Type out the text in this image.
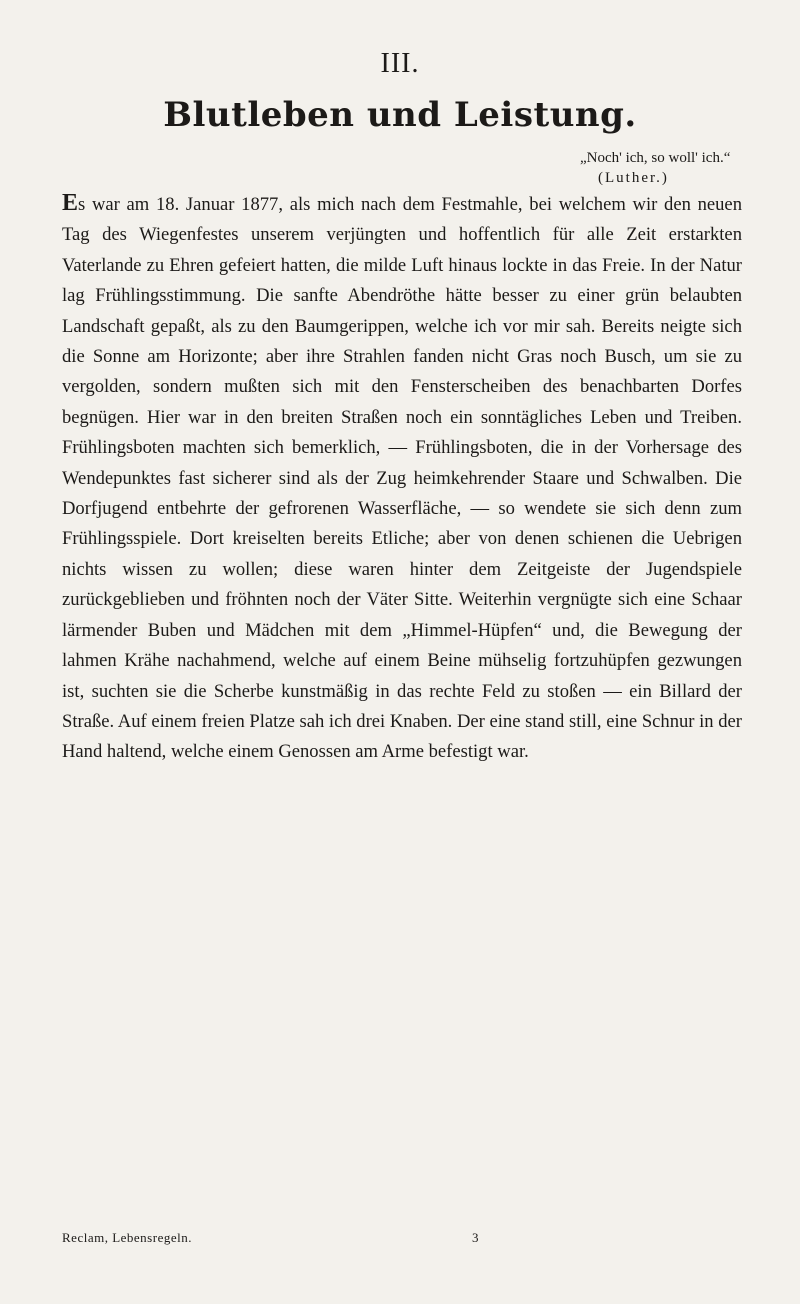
III.
Blutleben und Leistung.
„Noch' ich, so woll' ich.“
(Luther.)

Es war am 18. Januar 1877, als mich nach dem Festmahle, bei welchem wir den neuen Tag des Wiegenfestes unserem verjüngten und hoffentlich für alle Zeit erstarkten Vaterlande zu Ehren gefeiert hatten, die milde Luft hinaus lockte in das Freie. In der Natur lag Frühlingsstimmung. Die sanfte Abendröthe hätte besser zu einer grün belaubten Landschaft gepaßt, als zu den Baumgerippen, welche ich vor mir sah. Bereits neigte sich die Sonne am Horizonte; aber ihre Strahlen fanden nicht Gras noch Busch, um sie zu vergolden, sondern mußten sich mit den Fensterscheiben des benachbarten Dorfes begnügen. Hier war in den breiten Straßen noch ein sonntägliches Leben und Treiben. Frühlingsboten machten sich bemerklich, — Frühlingsboten, die in der Vorhersage des Wendepunktes fast sicherer sind als der Zug heimkehrender Staare und Schwalben. Die Dorfjugend entbehrte der gefrorenen Wasserfläche, — so wendete sie sich denn zum Frühlingsspiele. Dort kreiselten bereits Etliche; aber von denen schienen die Uebrigen nichts wissen zu wollen; diese waren hinter dem Zeitgeiste der Jugendspiele zurückgeblieben und fröhnten noch der Väter Sitte. Weiterhin vergnügte sich eine Schaar lärmender Buben und Mädchen mit dem „Himmel-Hüpfen“ und, die Bewegung der lahmen Krähe nachahmend, welche auf einem Beine mühselig fortzuhüpfen gezwungen ist, suchten sie die Scherbe kunstmäßig in das rechte Feld zu stoßen — ein Billard der Straße. Auf einem freien Platze sah ich drei Knaben. Der eine stand still, eine Schnur in der Hand haltend, welche einem Genossen am Arme befestigt war.

Reclam, Lebensregeln.	3
